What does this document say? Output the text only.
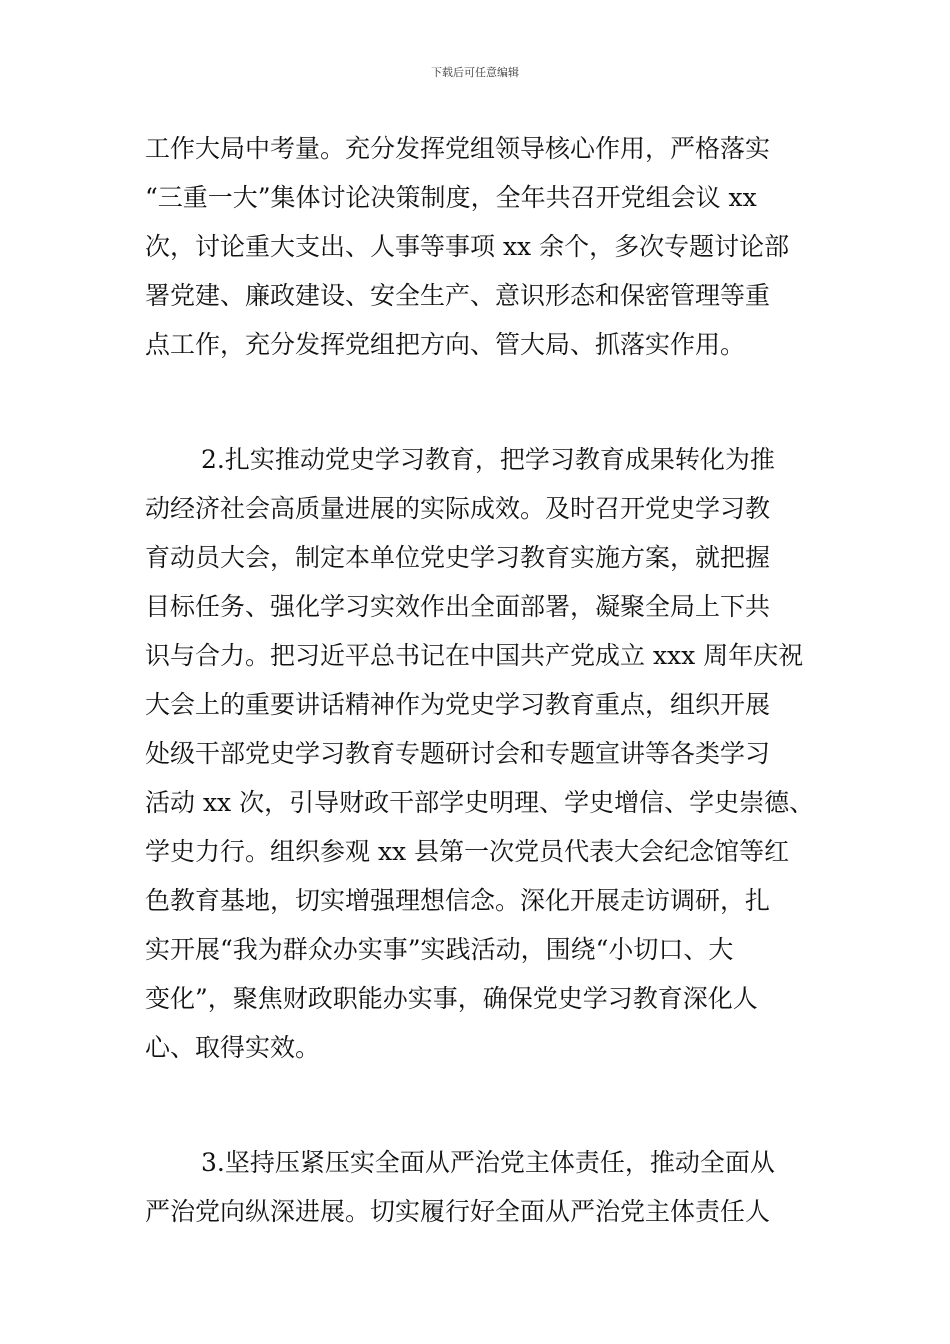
下载后可任意编辑
工作大局中考量。充分发挥党组领导核心作用，严格落实
“三重一大”集体讨论决策制度，全年共召开党组会议 xx
次，讨论重大支出、人事等事项 xx 余个，多次专题讨论部
署党建、廉政建设、安全生产、意识形态和保密管理等重
点工作，充分发挥党组把方向、管大局、抓落实作用。
2.扎实推动党史学习教育，把学习教育成果转化为推
动经济社会高质量进展的实际成效。及时召开党史学习教
育动员大会，制定本单位党史学习教育实施方案，就把握
目标任务、强化学习实效作出全面部署，凝聚全局上下共
识与合力。把习近平总书记在中国共产党成立 xxx 周年庆祝
大会上的重要讲话精神作为党史学习教育重点，组织开展
处级干部党史学习教育专题研讨会和专题宣讲等各类学习
活动 xx 次，引导财政干部学史明理、学史增信、学史崇德、
学史力行。组织参观 xx 县第一次党员代表大会纪念馆等红
色教育基地，切实增强理想信念。深化开展走访调研，扎
实开展“我为群众办实事”实践活动，围绕“小切口、大
变化”，聚焦财政职能办实事，确保党史学习教育深化人
心、取得实效。
3.坚持压紧压实全面从严治党主体责任，推动全面从
严治党向纵深进展。切实履行好全面从严治党主体责任人
